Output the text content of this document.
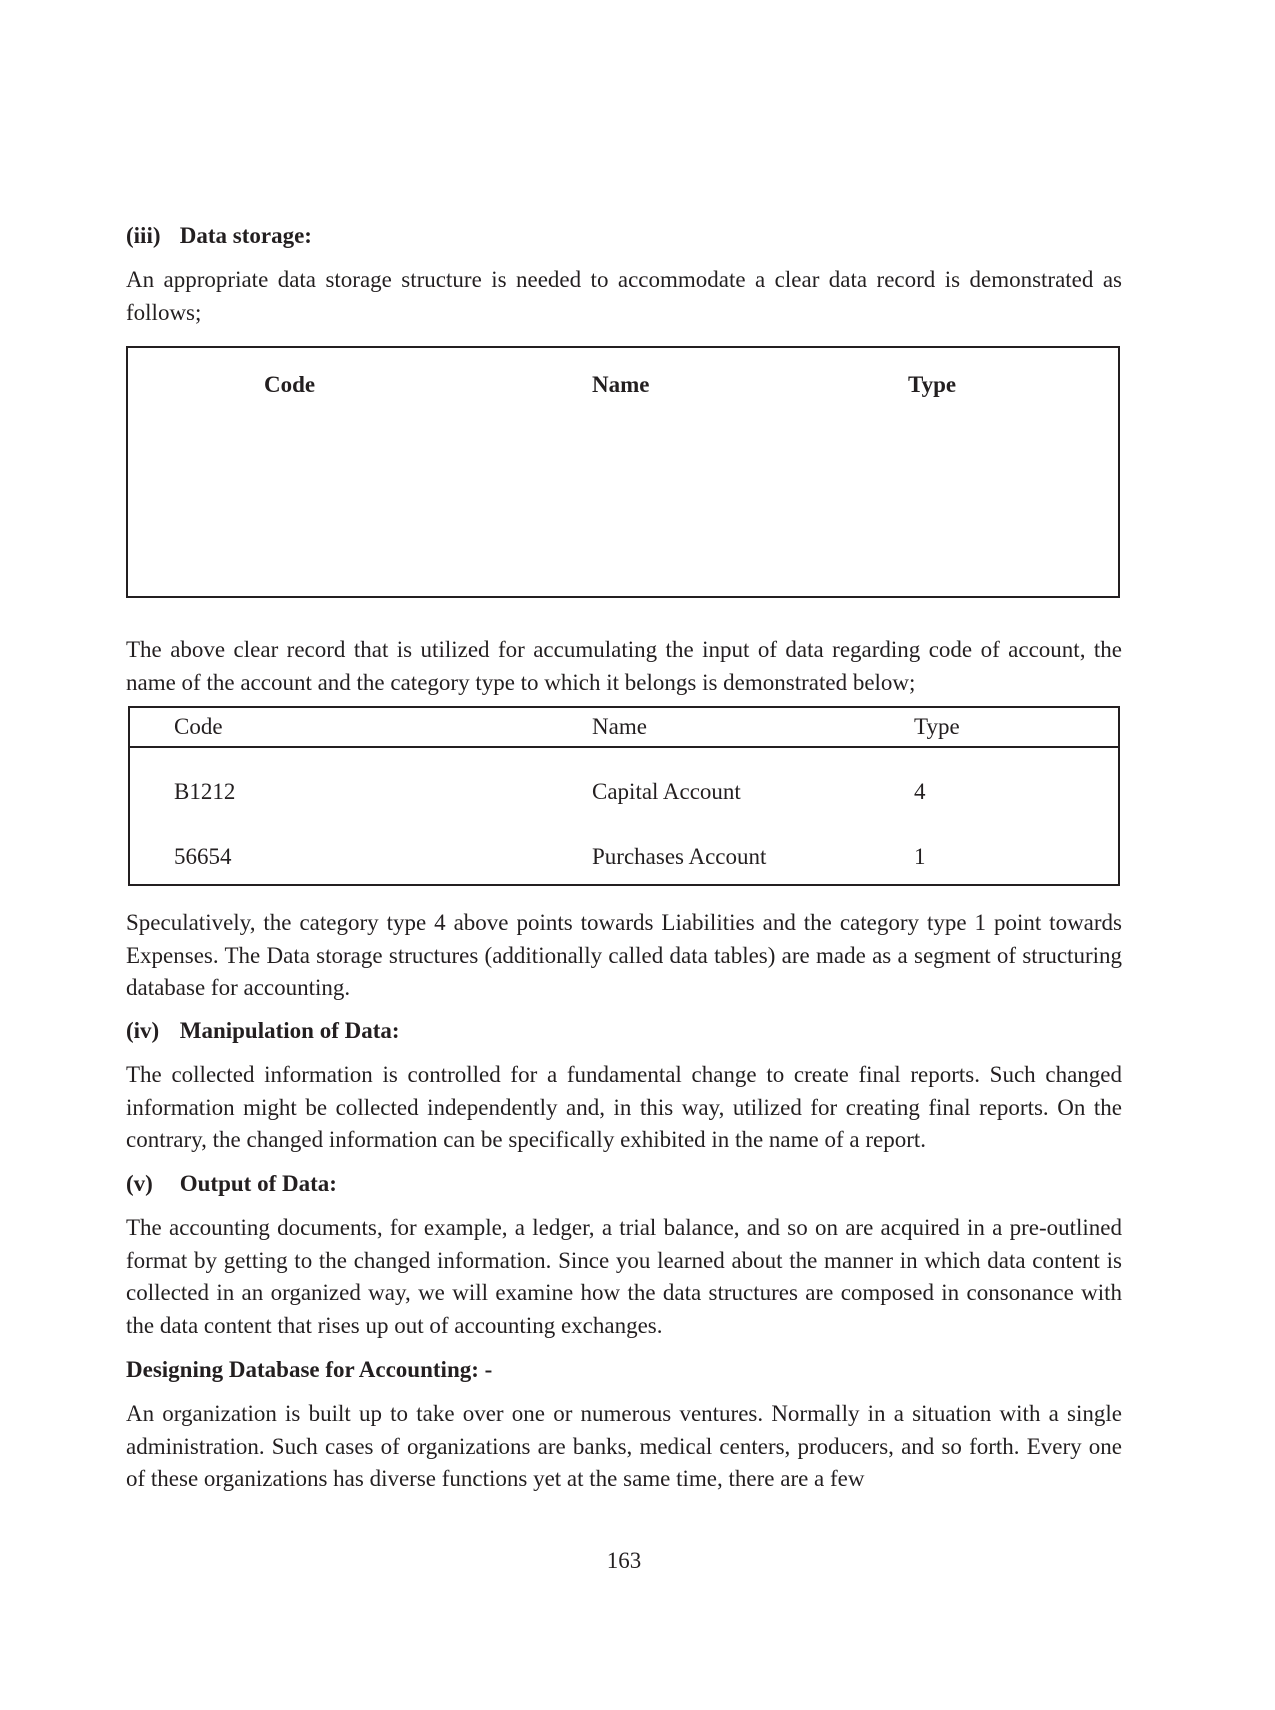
(iii) Data storage:

An appropriate data storage structure is needed to accommodate a clear data record is demonstrated as follows;

Code	Name	Type

The above clear record that is utilized for accumulating the input of data regarding code of account, the name of the account and the category type to which it belongs is demonstrated below;

Code	Name	Type
B1212	Capital Account	4
56654	Purchases Account	1

Speculatively, the category type 4 above points towards Liabilities and the category type 1 point towards Expenses. The Data storage structures (additionally called data tables) are made as a segment of structuring database for accounting.

(iv) Manipulation of Data:

The collected information is controlled for a fundamental change to create final reports. Such changed information might be collected independently and, in this way, utilized for creating final reports. On the contrary, the changed information can be specifically exhibited in the name of a report.

(v) Output of Data:

The accounting documents, for example, a ledger, a trial balance, and so on are acquired in a pre-outlined format by getting to the changed information. Since you learned about the manner in which data content is collected in an organized way, we will examine how the data structures are composed in consonance with the data content that rises up out of accounting exchanges.

Designing Database for Accounting: -

An organization is built up to take over one or numerous ventures. Normally in a situation with a single administration. Such cases of organizations are banks, medical centers, producers, and so forth. Every one of these organizations has diverse functions yet at the same time, there are a few

163
